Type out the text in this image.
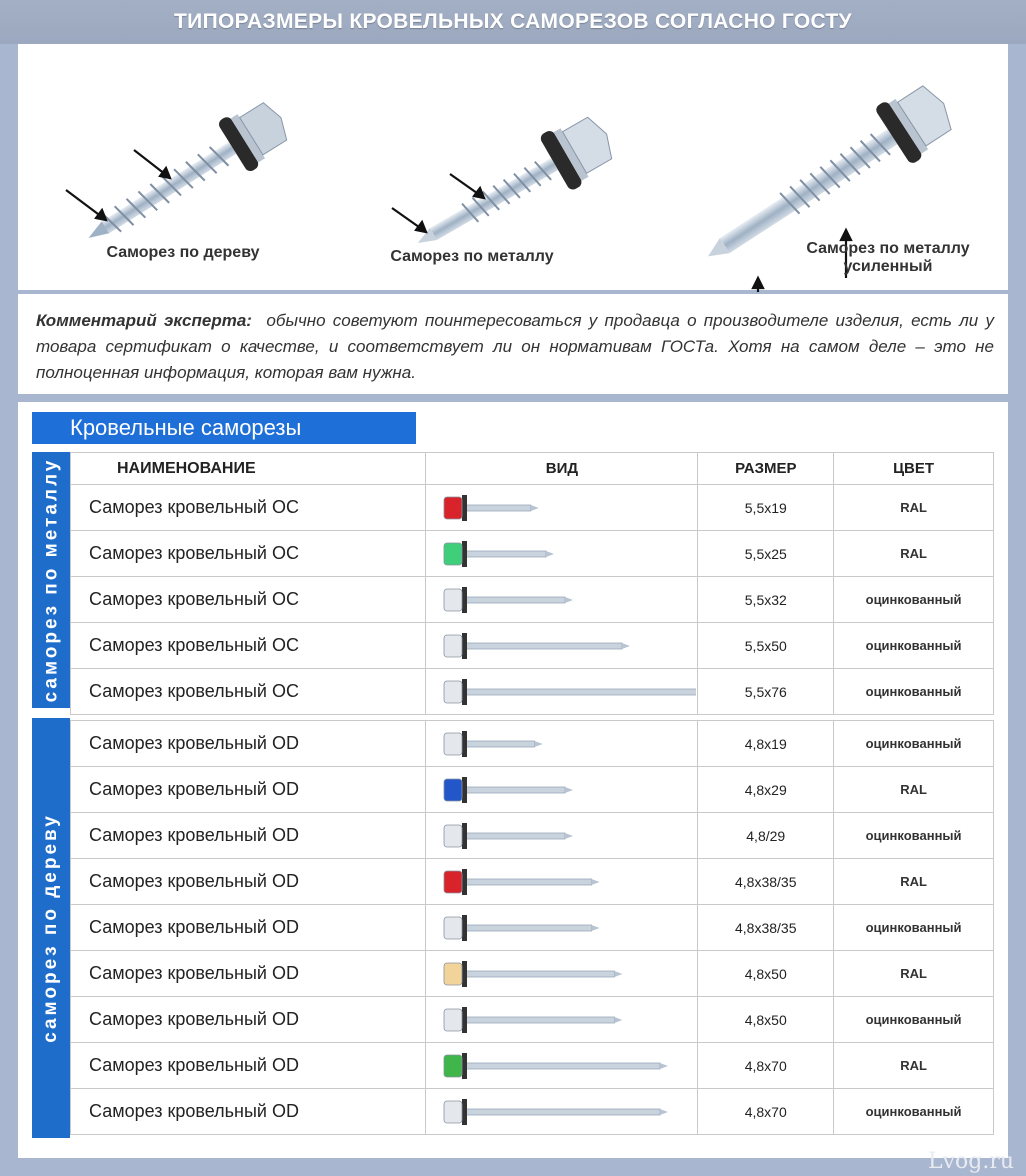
ТИПОРАЗМЕРЫ КРОВЕЛЬНЫХ САМОРЕЗОВ СОГЛАСНО ГОСТУ
Саморез по дереву	Саморез по металлу	Саморез по металлу
усиленный
Комментарий эксперта: обычно советуют поинтересоваться у продавца о производителе изделия, есть ли у товара сертификат о качестве, и соответствует ли он нормативам ГОСТа. Хотя на самом деле – это не полноценная информация, которая вам нужна.
Кровельные саморезы
саморез по металлу
саморез по дереву
НАИМЕНОВАНИЕ	ВИД	РАЗМЕР	ЦВЕТ
Саморез кровельный ОС		5,5х19	RAL
Саморез кровельный ОС		5,5х25	RAL
Саморез кровельный ОС		5,5х32	оцинкованный
Саморез кровельный ОС		5,5х50	оцинкованный
Саморез кровельный ОС		5,5х76	оцинкованный
Саморез кровельный OD		4,8х19	оцинкованный
Саморез кровельный OD		4,8х29	RAL
Саморез кровельный OD		4,8/29	оцинкованный
Саморез кровельный OD		4,8х38/35	RAL
Саморез кровельный OD		4,8х38/35	оцинкованный
Саморез кровельный OD		4,8х50	RAL
Саморез кровельный OD		4,8х50	оцинкованный
Саморез кровельный OD		4,8х70	RAL
Саморез кровельный OD		4,8х70	оцинкованный
Lvog.ru
